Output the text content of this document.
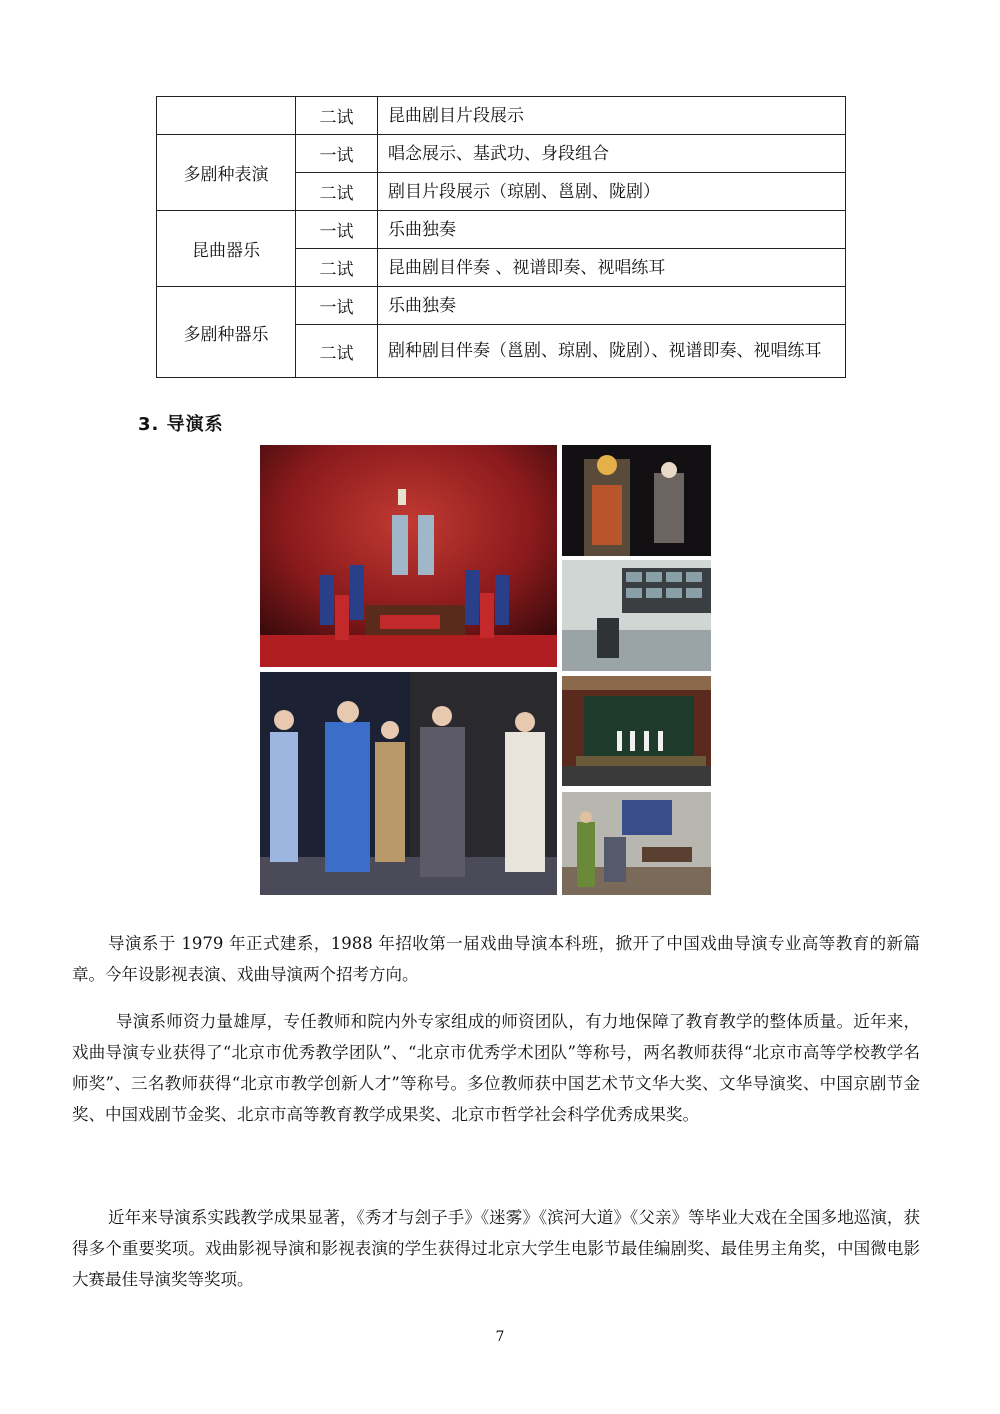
	二试	昆曲剧目片段展示
多剧种表演	一试	唱念展示、基武功、身段组合
	二试	剧目片段展示（琼剧、邕剧、陇剧）
昆曲器乐	一试	乐曲独奏
	二试	昆曲剧目伴奏 、视谱即奏、视唱练耳
多剧种器乐	一试	乐曲独奏
	二试	剧种剧目伴奏（邕剧、琼剧、陇剧）、视谱即奏、视唱练耳
3. 导演系

导演系于 1979 年正式建系，1988 年招收第一届戏曲导演本科班，掀开了中国戏曲导演专业高等教育的新篇章。今年设影视表演、戏曲导演两个招考方向。

导演系师资力量雄厚，专任教师和院内外专家组成的师资团队，有力地保障了教育教学的整体质量。近年来，戏曲导演专业获得了“北京市优秀教学团队”、“北京市优秀学术团队”等称号，两名教师获得“北京市高等学校教学名师奖”、三名教师获得“北京市教学创新人才”等称号。多位教师获中国艺术节文华大奖、文华导演奖、中国京剧节金奖、中国戏剧节金奖、北京市高等教育教学成果奖、北京市哲学社会科学优秀成果奖。

近年来导演系实践教学成果显著，《秀才与刽子手》《迷雾》《滨河大道》《父亲》等毕业大戏在全国多地巡演，获得多个重要奖项。戏曲影视导演和影视表演的学生获得过北京大学生电影节最佳编剧奖、最佳男主角奖，中国微电影大赛最佳导演奖等奖项。

7
